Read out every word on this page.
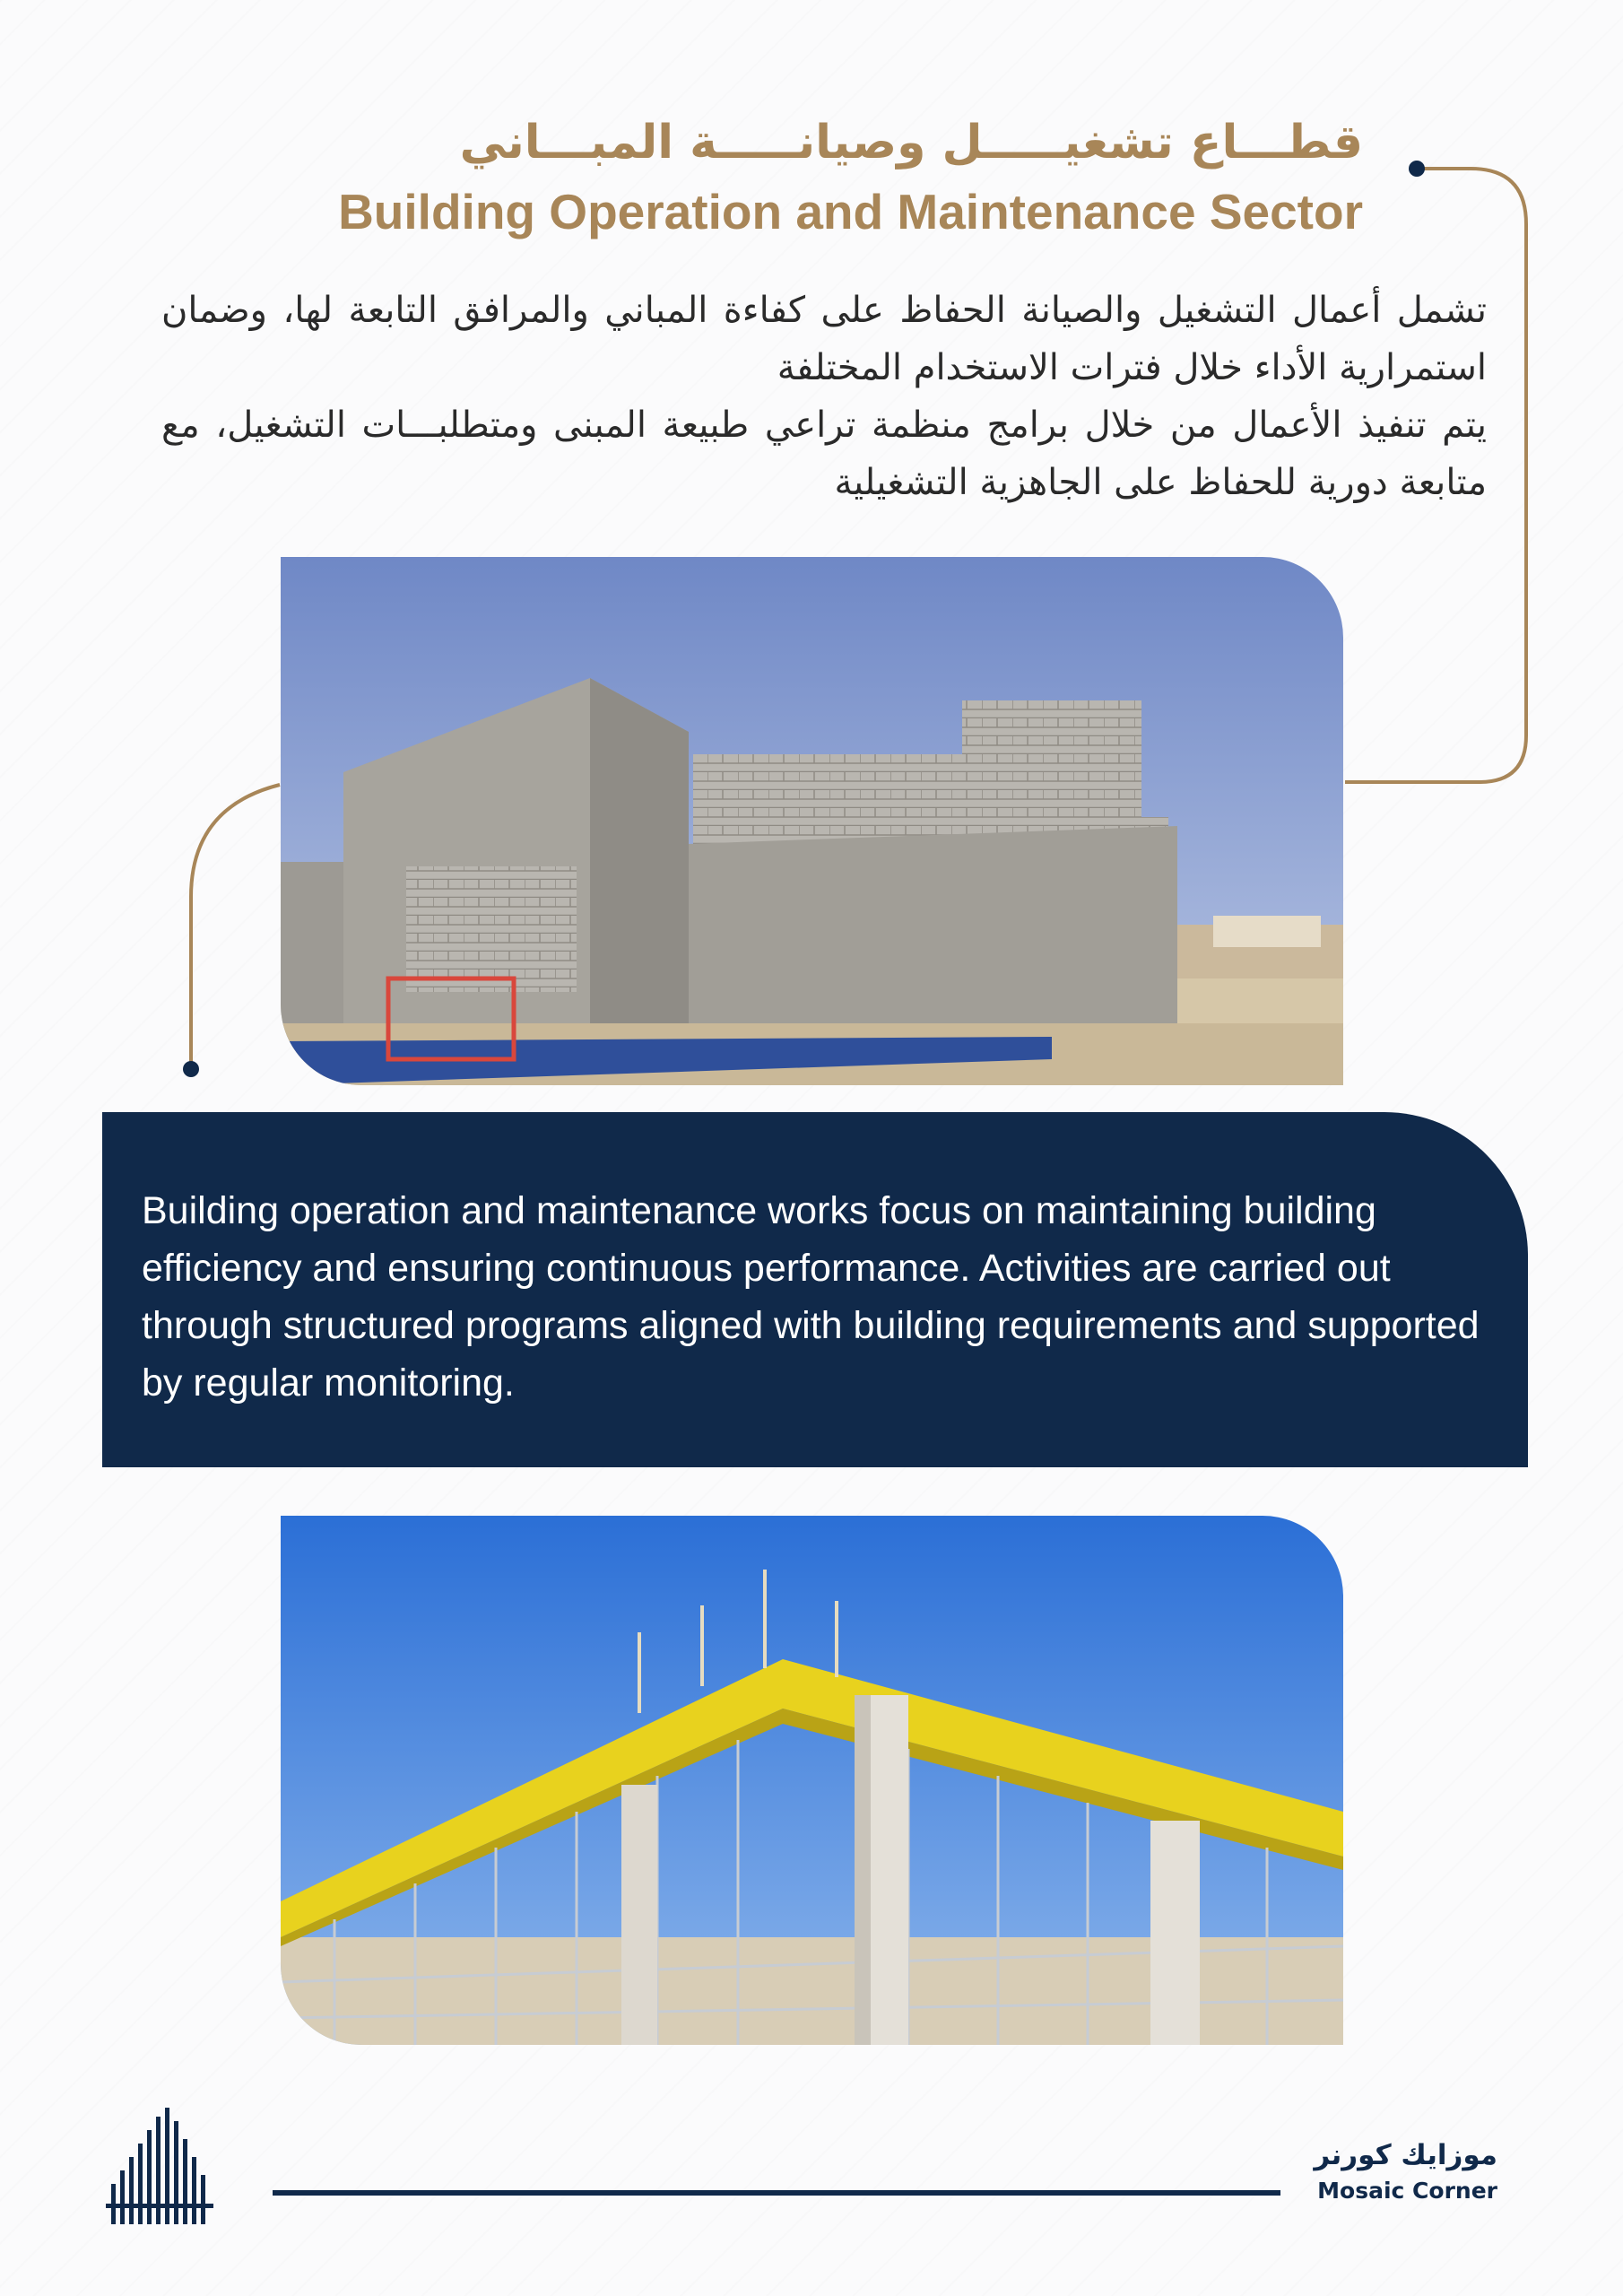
قطـــاع تشغيـــــل وصيانـــــة المبـــاني
Building Operation and Maintenance Sector

تشمل أعمال التشغيل والصيانة الحفاظ على كفاءة المباني والمرافق التابعة لها، وضمان استمرارية الأداء خلال فترات الاستخدام المختلفة

يتم تنفيذ الأعمال من خلال برامج منظمة تراعي طبيعة المبنى ومتطلبـــات التشغيل، مع متابعة دورية للحفاظ على الجاهزية التشغيلية

Building operation and maintenance works focus on maintaining building efficiency and ensuring continuous performance. Activities are carried out through structured programs aligned with building requirements and supported by regular monitoring.
موزايك كورنر
Mosaic Corner
